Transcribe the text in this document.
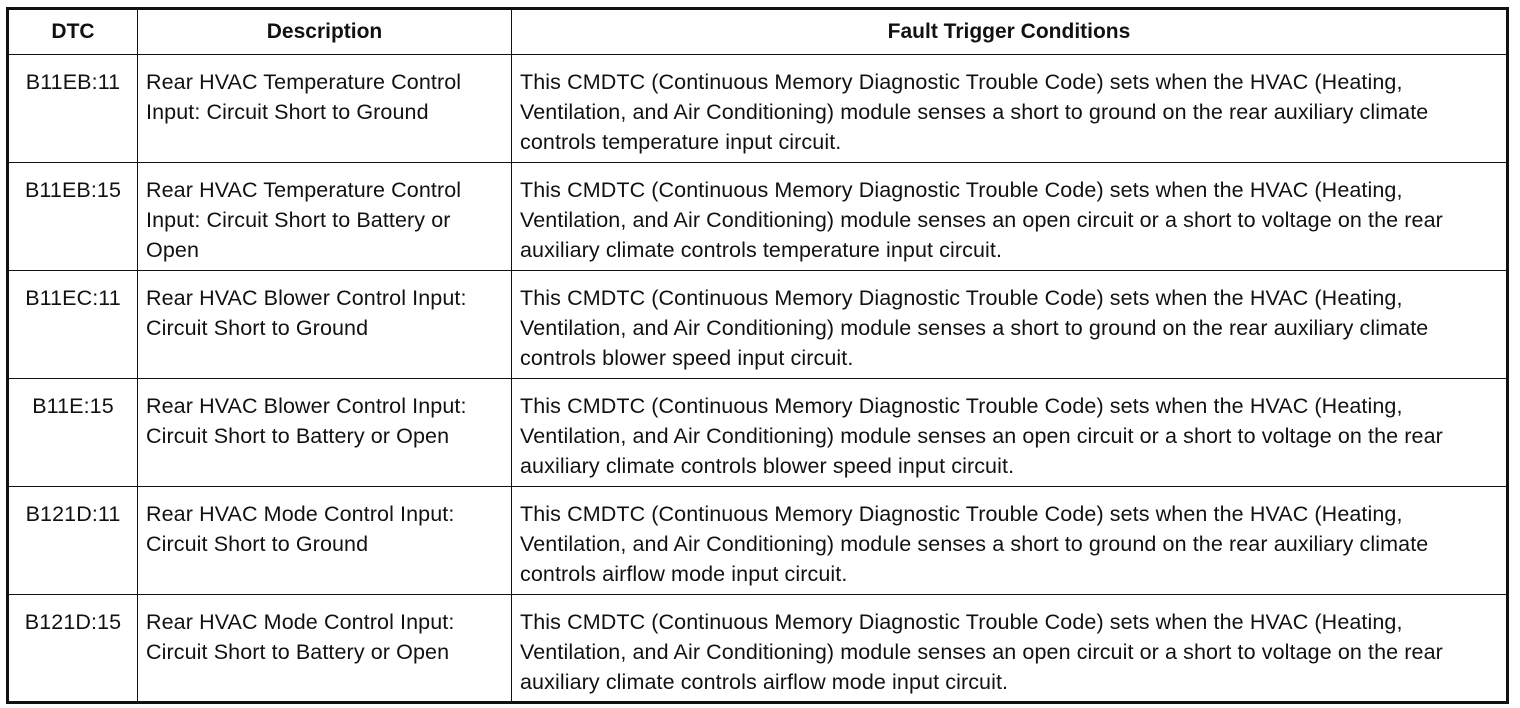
DTC	Description	Fault Trigger Conditions
B11EB:11	Rear HVAC Temperature Control Input: Circuit Short to Ground	This CMDTC (Continuous Memory Diagnostic Trouble Code) sets when the HVAC (Heating, Ventilation, and Air Conditioning) module senses a short to ground on the rear auxiliary climate controls temperature input circuit.
B11EB:15	Rear HVAC Temperature Control Input: Circuit Short to Battery or Open	This CMDTC (Continuous Memory Diagnostic Trouble Code) sets when the HVAC (Heating, Ventilation, and Air Conditioning) module senses an open circuit or a short to voltage on the rear auxiliary climate controls temperature input circuit.
B11EC:11	Rear HVAC Blower Control Input: Circuit Short to Ground	This CMDTC (Continuous Memory Diagnostic Trouble Code) sets when the HVAC (Heating, Ventilation, and Air Conditioning) module senses a short to ground on the rear auxiliary climate controls blower speed input circuit.
B11E:15	Rear HVAC Blower Control Input: Circuit Short to Battery or Open	This CMDTC (Continuous Memory Diagnostic Trouble Code) sets when the HVAC (Heating, Ventilation, and Air Conditioning) module senses an open circuit or a short to voltage on the rear auxiliary climate controls blower speed input circuit.
B121D:11	Rear HVAC Mode Control Input: Circuit Short to Ground	This CMDTC (Continuous Memory Diagnostic Trouble Code) sets when the HVAC (Heating, Ventilation, and Air Conditioning) module senses a short to ground on the rear auxiliary climate controls airflow mode input circuit.
B121D:15	Rear HVAC Mode Control Input: Circuit Short to Battery or Open	This CMDTC (Continuous Memory Diagnostic Trouble Code) sets when the HVAC (Heating, Ventilation, and Air Conditioning) module senses an open circuit or a short to voltage on the rear auxiliary climate controls airflow mode input circuit.
